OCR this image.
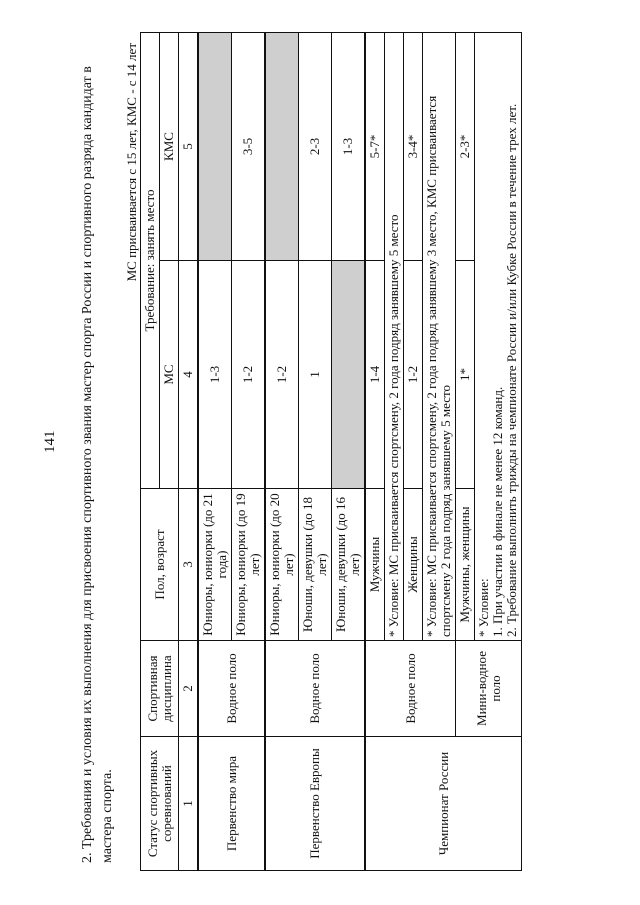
141 2. Требования и условия их выполнения для присвоения спортивного звания мастер спорта России и спортивного разряда кандидат в мастера спорта.
МС присваивается с 15 лет, КМС - с 14 лет
Статус спортивных соревнований	Спортивная дисциплина	Пол, возраст	Требование: занять место	
			МС	КМС
1	2	3	4	5
Первенство мира	Водное поло	Юниоры, юниорки (до 21 года)	1-3	
		Юниоры, юниорки (до 19 лет)	1-2	3-5
Первенство Европы	Водное поло	Юниоры, юниорки (до 20 лет)	1-2	
		Юноши, девушки (до 18 лет)	1	2-3
		Юноши, девушки (до 16 лет)		1-3
Чемпионат России	Водное поло	Мужчины	1-4	5-7*
		* Условие: МС присваивается спортсмену, 2 года подряд занявшему 5 место		
		Женщины	1-2	3-4*
		* Условие: МС присваивается спортсмену, 2 года подряд занявшему 3 место, КМС присваивается спортсмену 2 года подряд занявшему 5 место		
	Мини-водное поло	Мужчины, женщины	1*	2-3*

		* Условие: 1. При участии в финале не менее 12 команд. 2. Требование выполнить трижды на чемпионате России и/или Кубке России в течение трех лет.		
